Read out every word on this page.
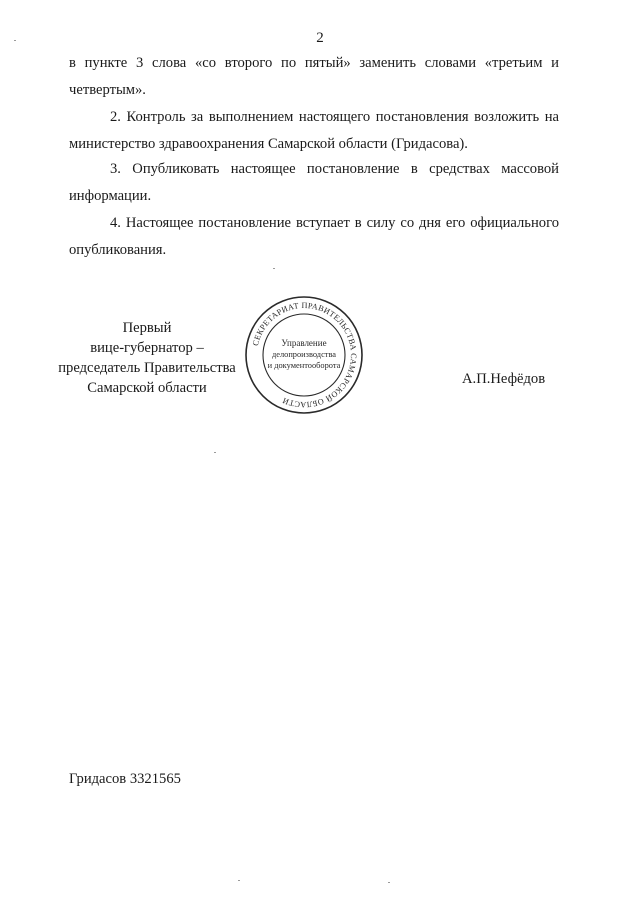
2
в пункте 3 слова «со второго по пятый» заменить словами «третьим и четвертым».
2. Контроль за выполнением настоящего постановления возложить на министерство здравоохранения Самарской области (Гридасова).
3. Опубликовать настоящее постановление в средствах массовой информации.
4. Настоящее постановление вступает в силу со дня его официального опубликования.
Первый
вице-губернатор –
председатель Правительства
Самарской области
СЕКРЕТАРИАТ ПРАВИТЕЛЬСТВА САМАРСКОЙ ОБЛАСТИ
Управление
делопроизводства
и документооборота
А.П.Нефёдов
Гридасов 3321565
